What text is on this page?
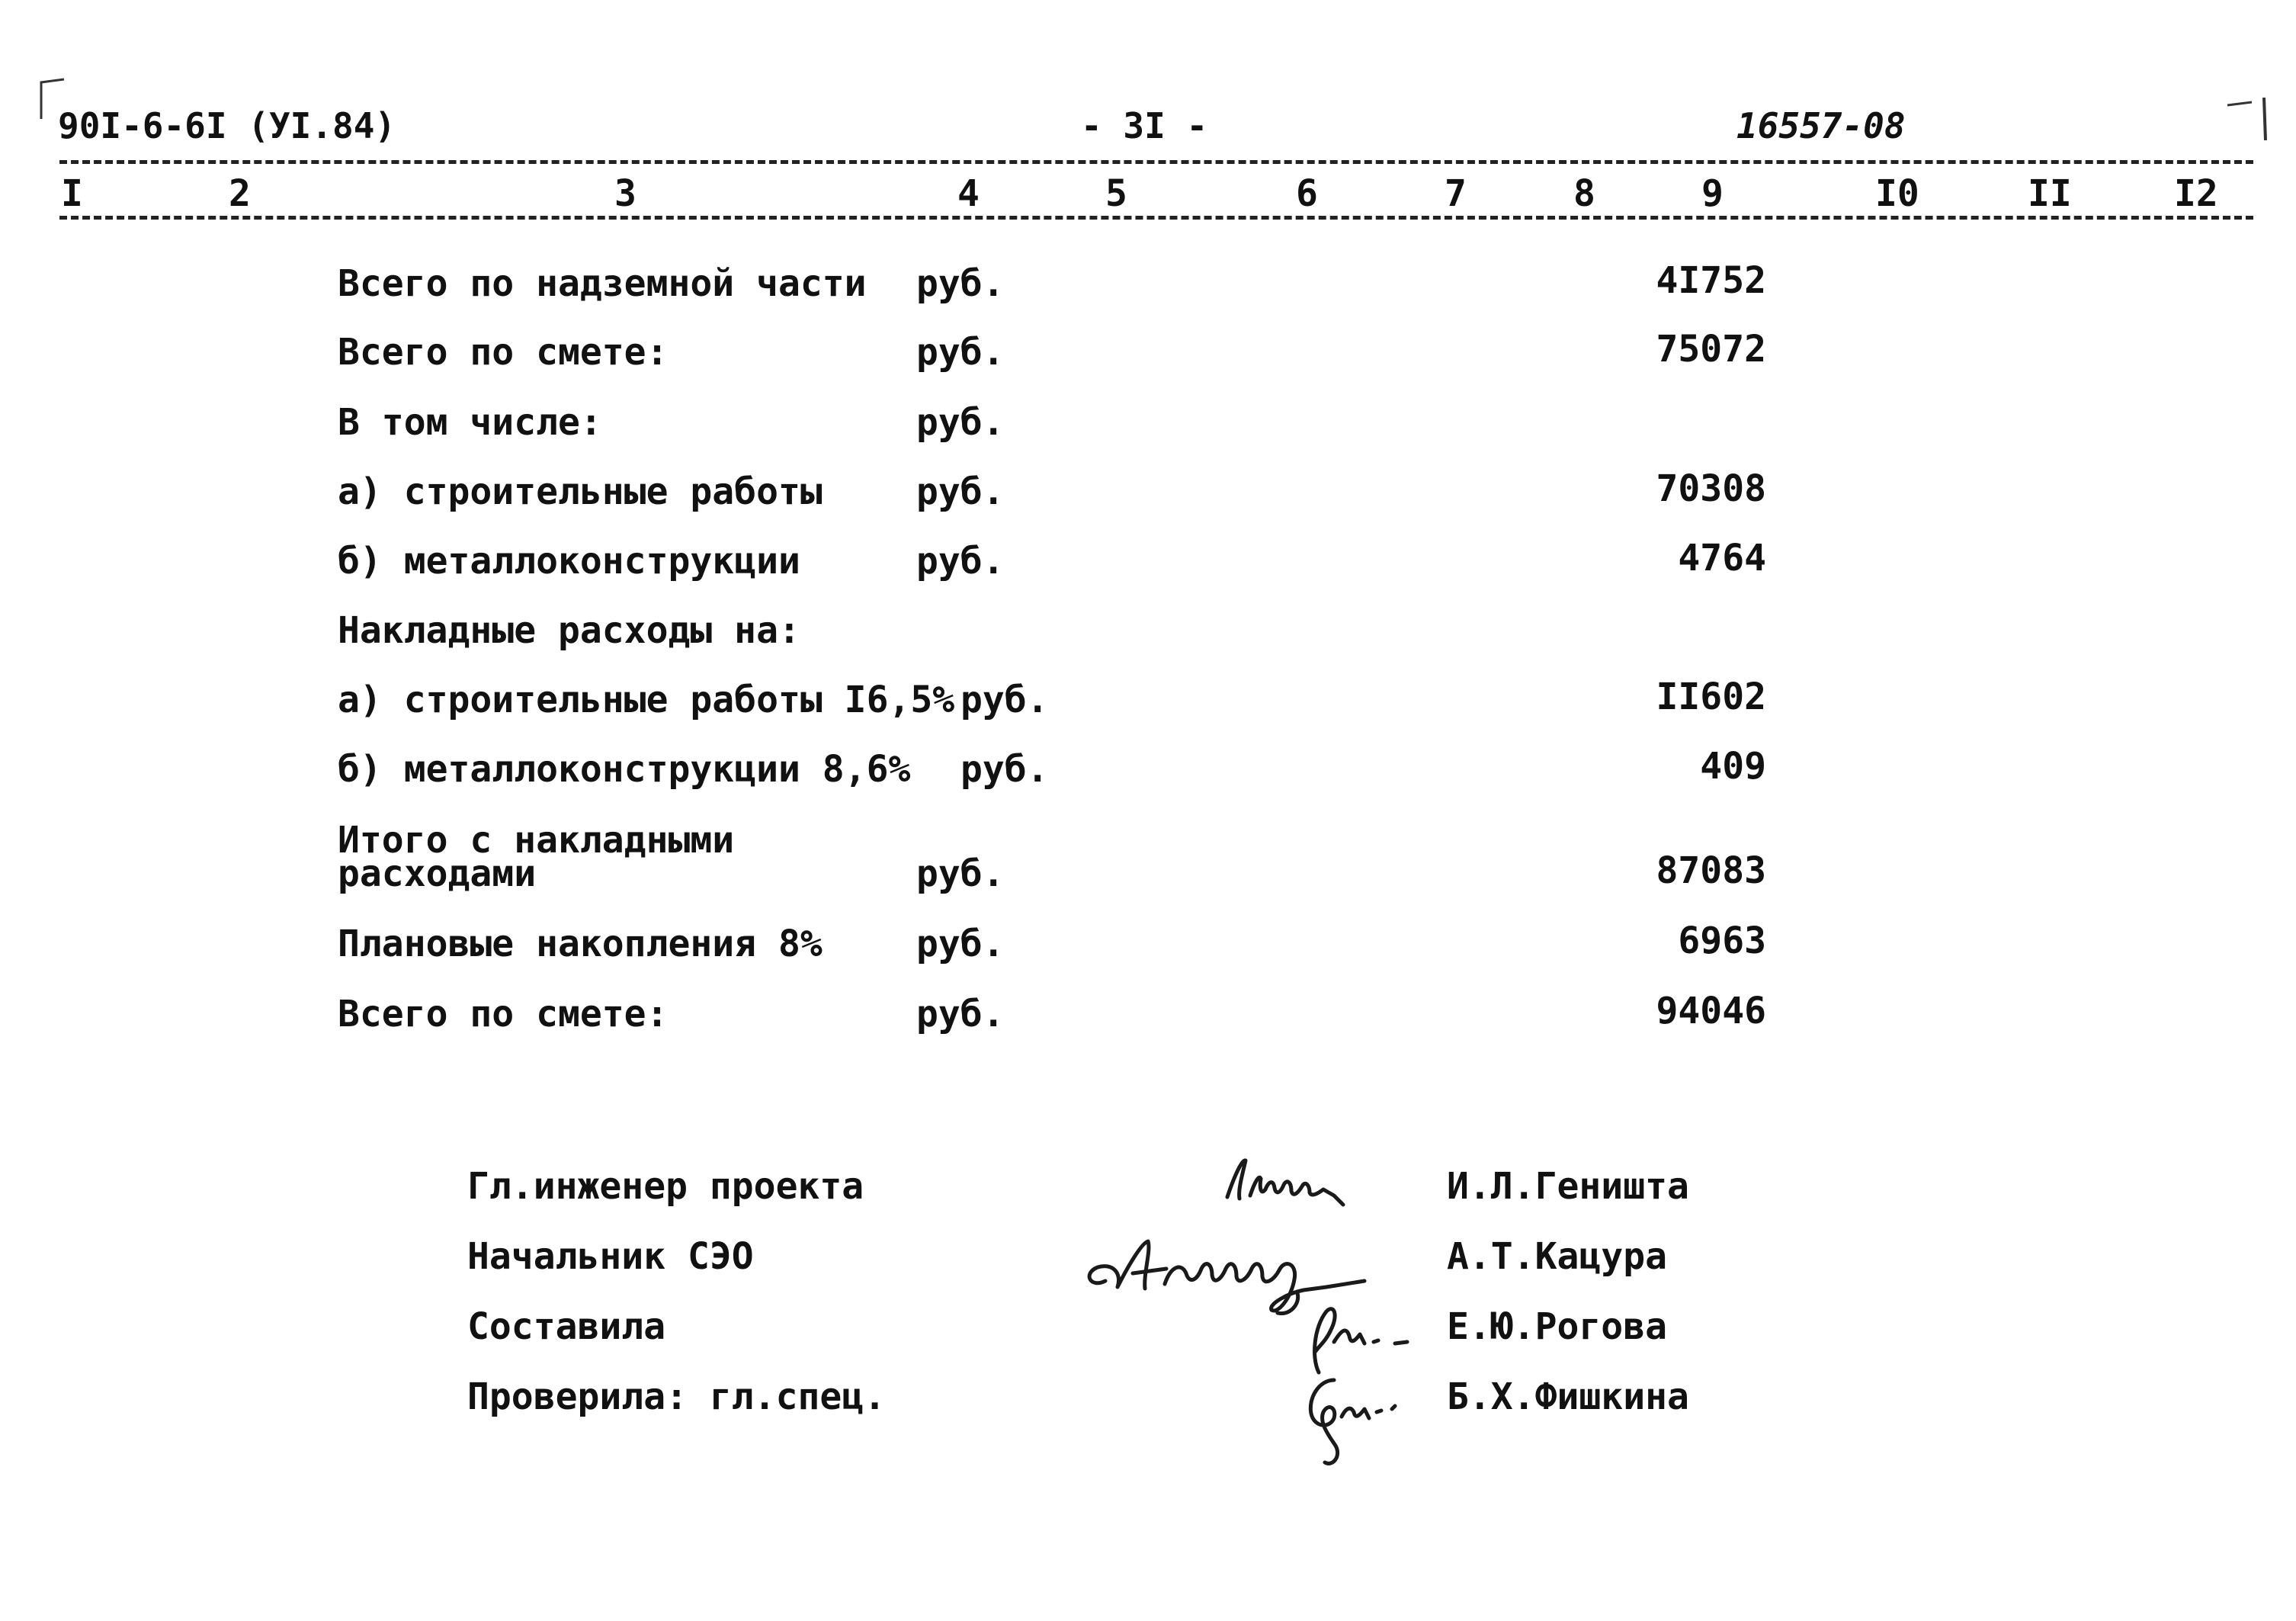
90I-6-6I (УI.84)	- 3I -	16557-08
I	2	3	4	5	6	7	8	9	I0	II	I2
Всего по надземной части руб.	4I752
Всего по смете:	руб.	75072
В том числе:	руб.
а) строительные работы	руб.	70308
б) металлоконструкции	руб.	4764
Накладные расходы на:
а) строительные работы I6,5% руб.	II602
б) металлоконструкции 8,6% руб.	409
Итого с накладными
расходами	руб.	87083
Плановые накопления 8%	руб.	6963
Всего по смете:	руб.	94046
Гл.инженер проекта	И.Л.Геништа
Начальник СЭО	А.Т.Кацура
Составила	Е.Ю.Рогова
Проверила: гл.спец.	Б.Х.Фишкина
